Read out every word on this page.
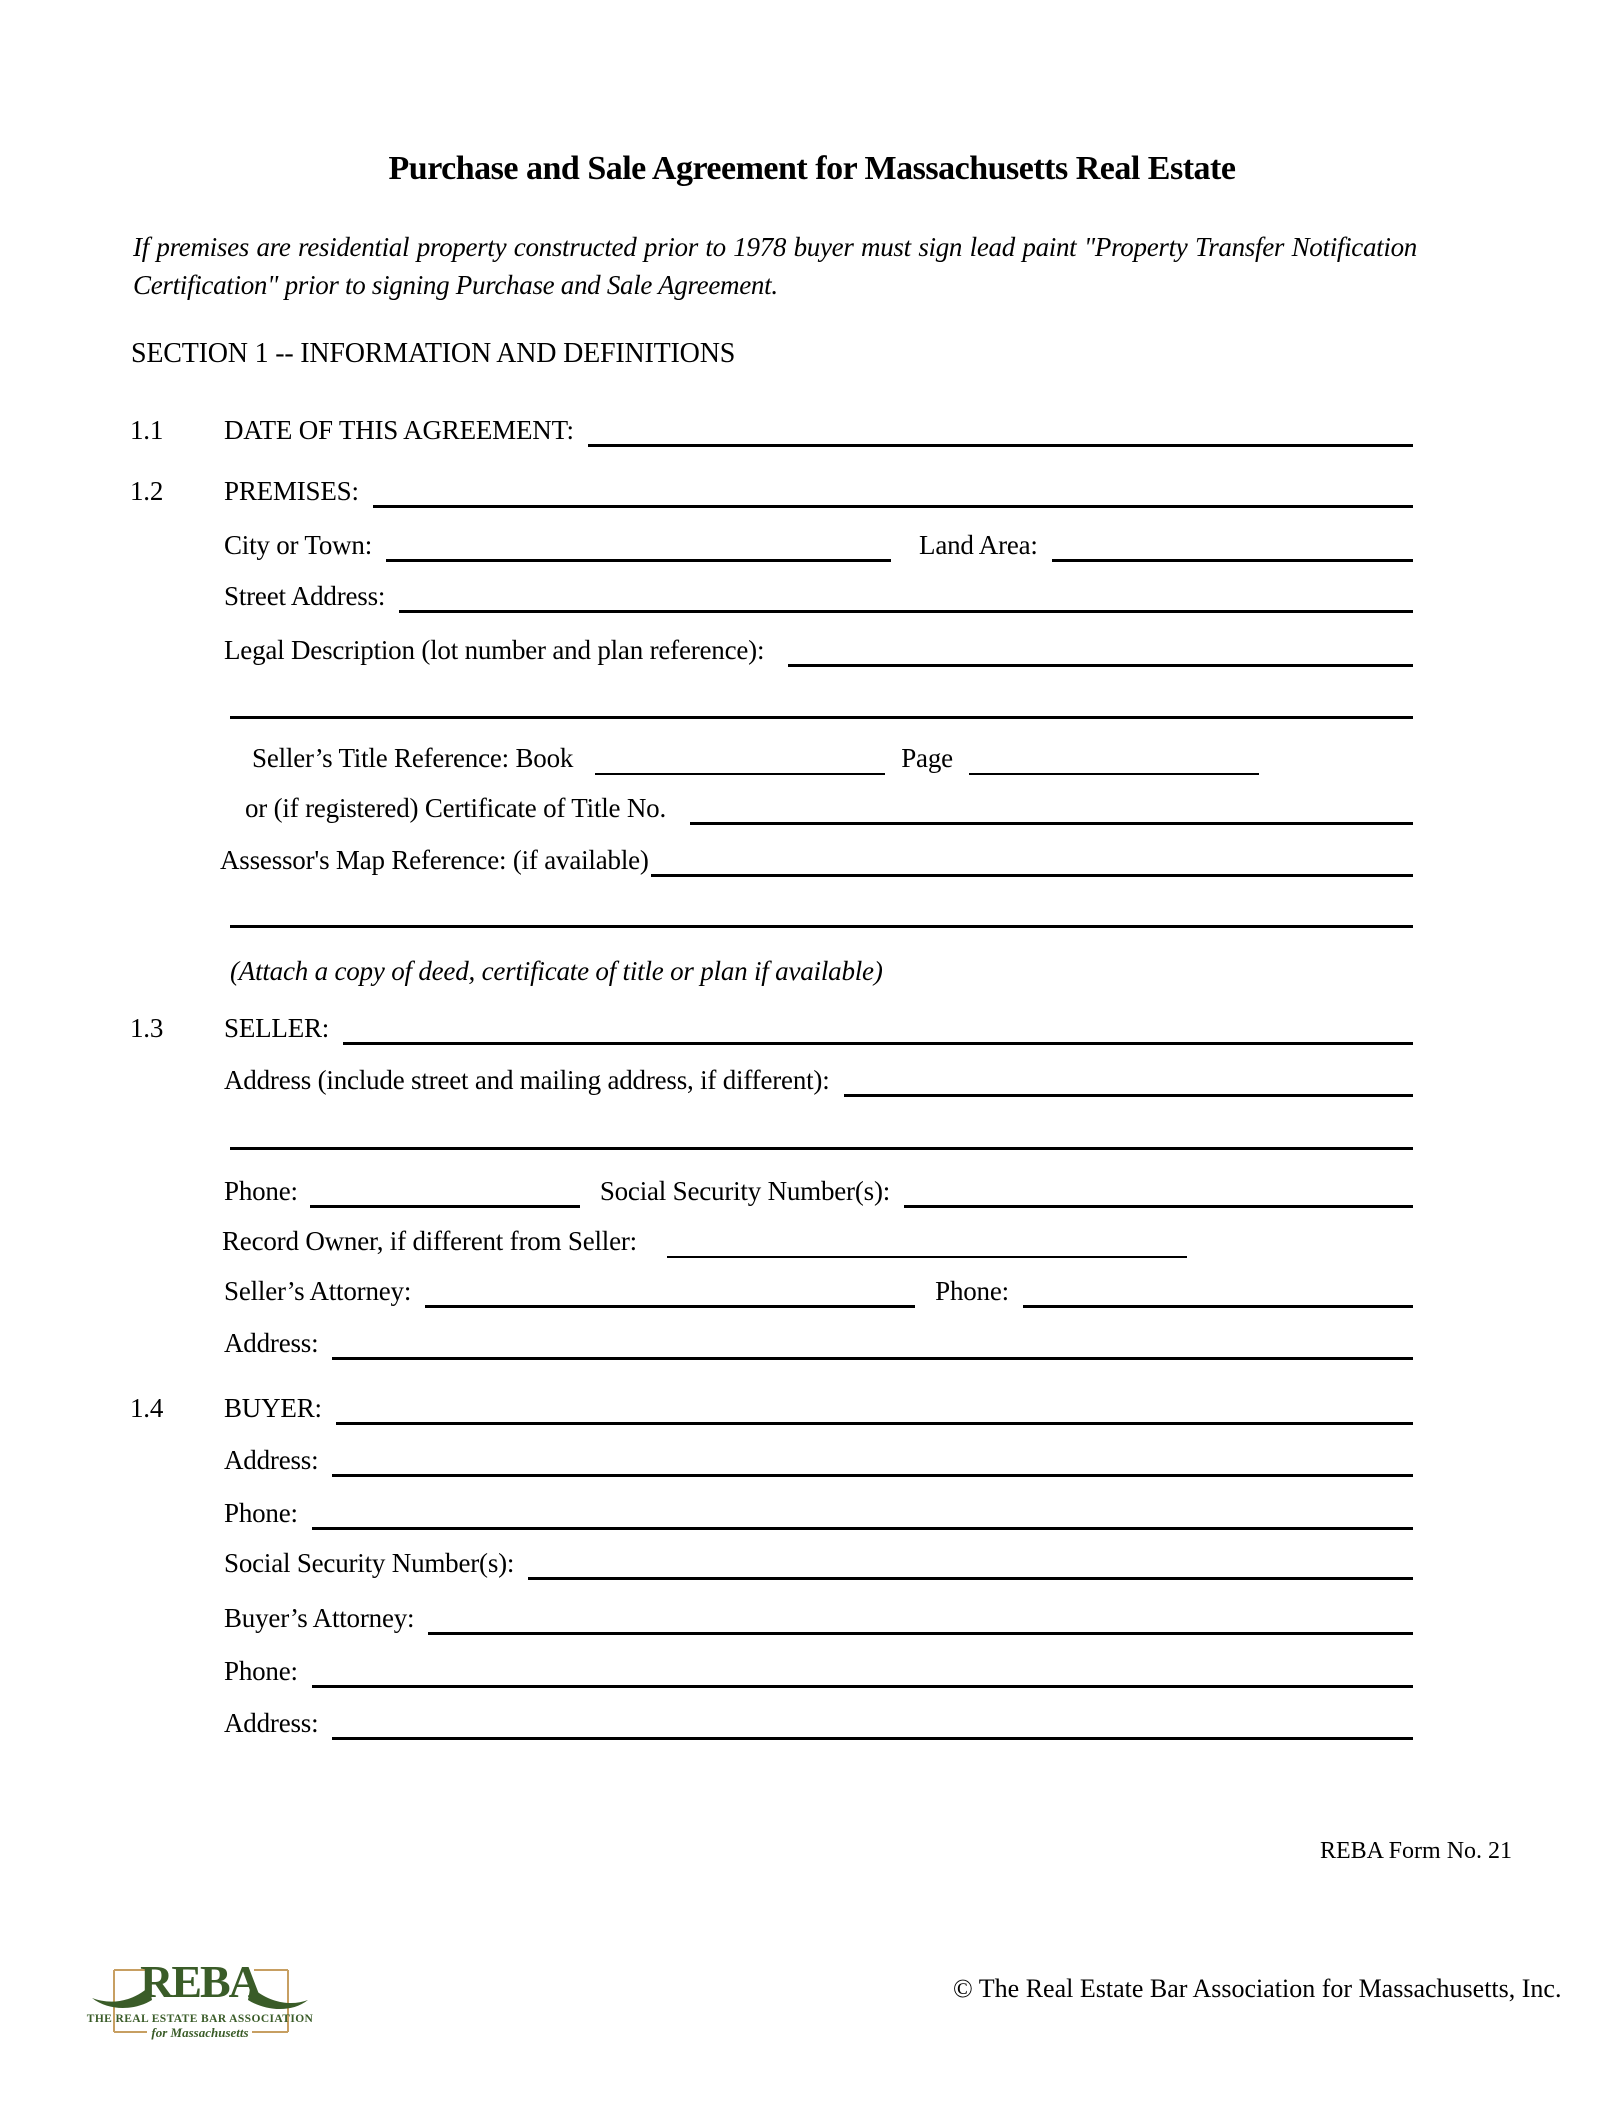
Purchase and Sale Agreement for Massachusetts Real Estate
If premises are residential property constructed prior to 1978 buyer must sign lead paint "Property Transfer Notification Certification" prior to signing Purchase and Sale Agreement.
SECTION 1 -- INFORMATION AND DEFINITIONS
1.1	DATE OF THIS AGREEMENT:
1.2	PREMISES:
City or Town:	Land Area:
Street Address:
Legal Description (lot number and plan reference):
Seller’s Title Reference: Book	Page
or (if registered) Certificate of Title No.
Assessor's Map Reference: (if available)
(Attach a copy of deed, certificate of title or plan if available)
1.3	SELLER:
Address (include street and mailing address, if different):
Phone:	Social Security Number(s):
Record Owner, if different from Seller:
Seller’s Attorney:	Phone:
Address:
1.4	BUYER:
Address:
Phone:
Social Security Number(s):
Buyer’s Attorney:
Phone:
Address:
REBA Form No. 21
REBA
THE REAL ESTATE BAR ASSOCIATION
for Massachusetts
© The Real Estate Bar Association for Massachusetts, Inc.
